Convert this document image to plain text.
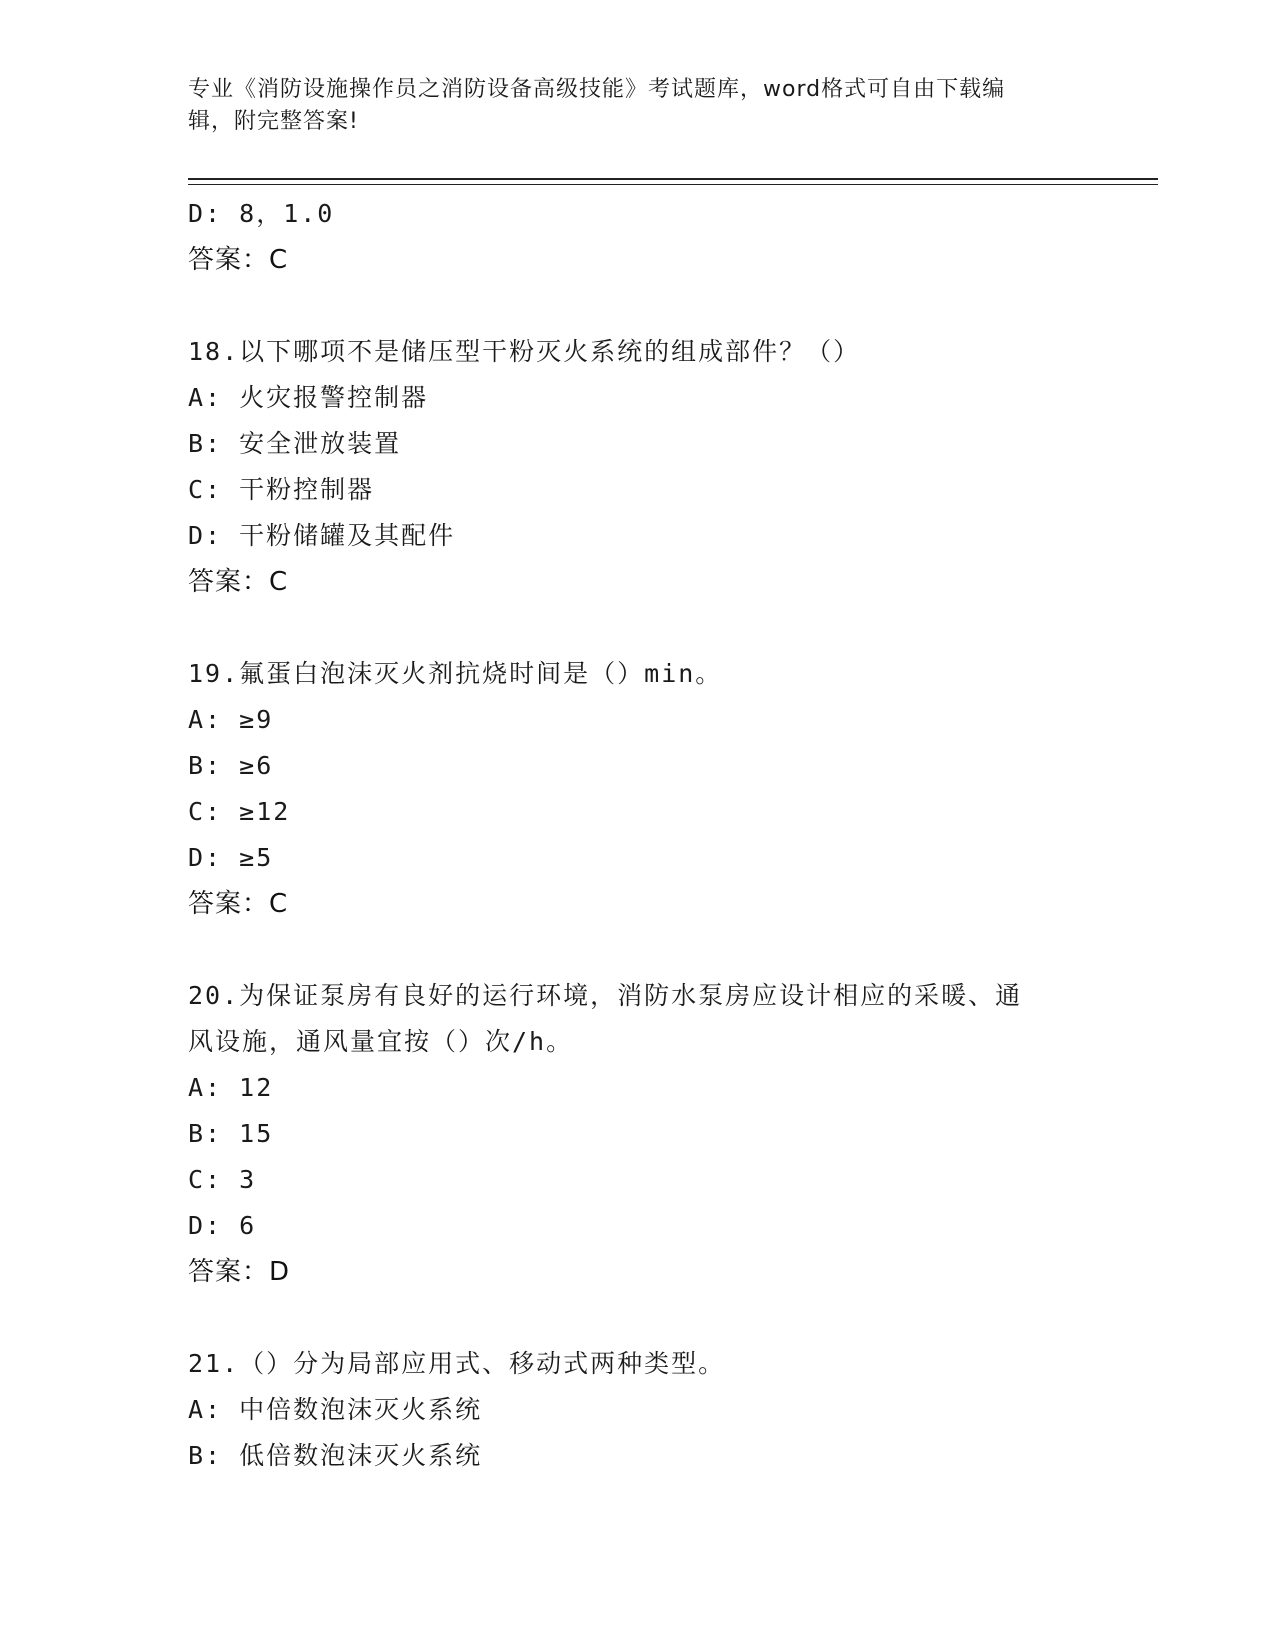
专业《消防设施操作员之消防设备高级技能》考试题库，word格式可自由下载编
辑，附完整答案!
D: 8，1.0
答案：C
18.以下哪项不是储压型干粉灭火系统的组成部件？（）
A: 火灾报警控制器
B: 安全泄放装置
C: 干粉控制器
D: 干粉储罐及其配件
答案：C
19.氟蛋白泡沫灭火剂抗烧时间是（）min。
A: ≥9
B: ≥6
C: ≥12
D: ≥5
答案：C
20.为保证泵房有良好的运行环境，消防水泵房应设计相应的采暖、通
风设施，通风量宜按（）次/h。
A: 12
B: 15
C: 3
D: 6
答案：D
21.（）分为局部应用式、移动式两种类型。
A: 中倍数泡沫灭火系统
B: 低倍数泡沫灭火系统
